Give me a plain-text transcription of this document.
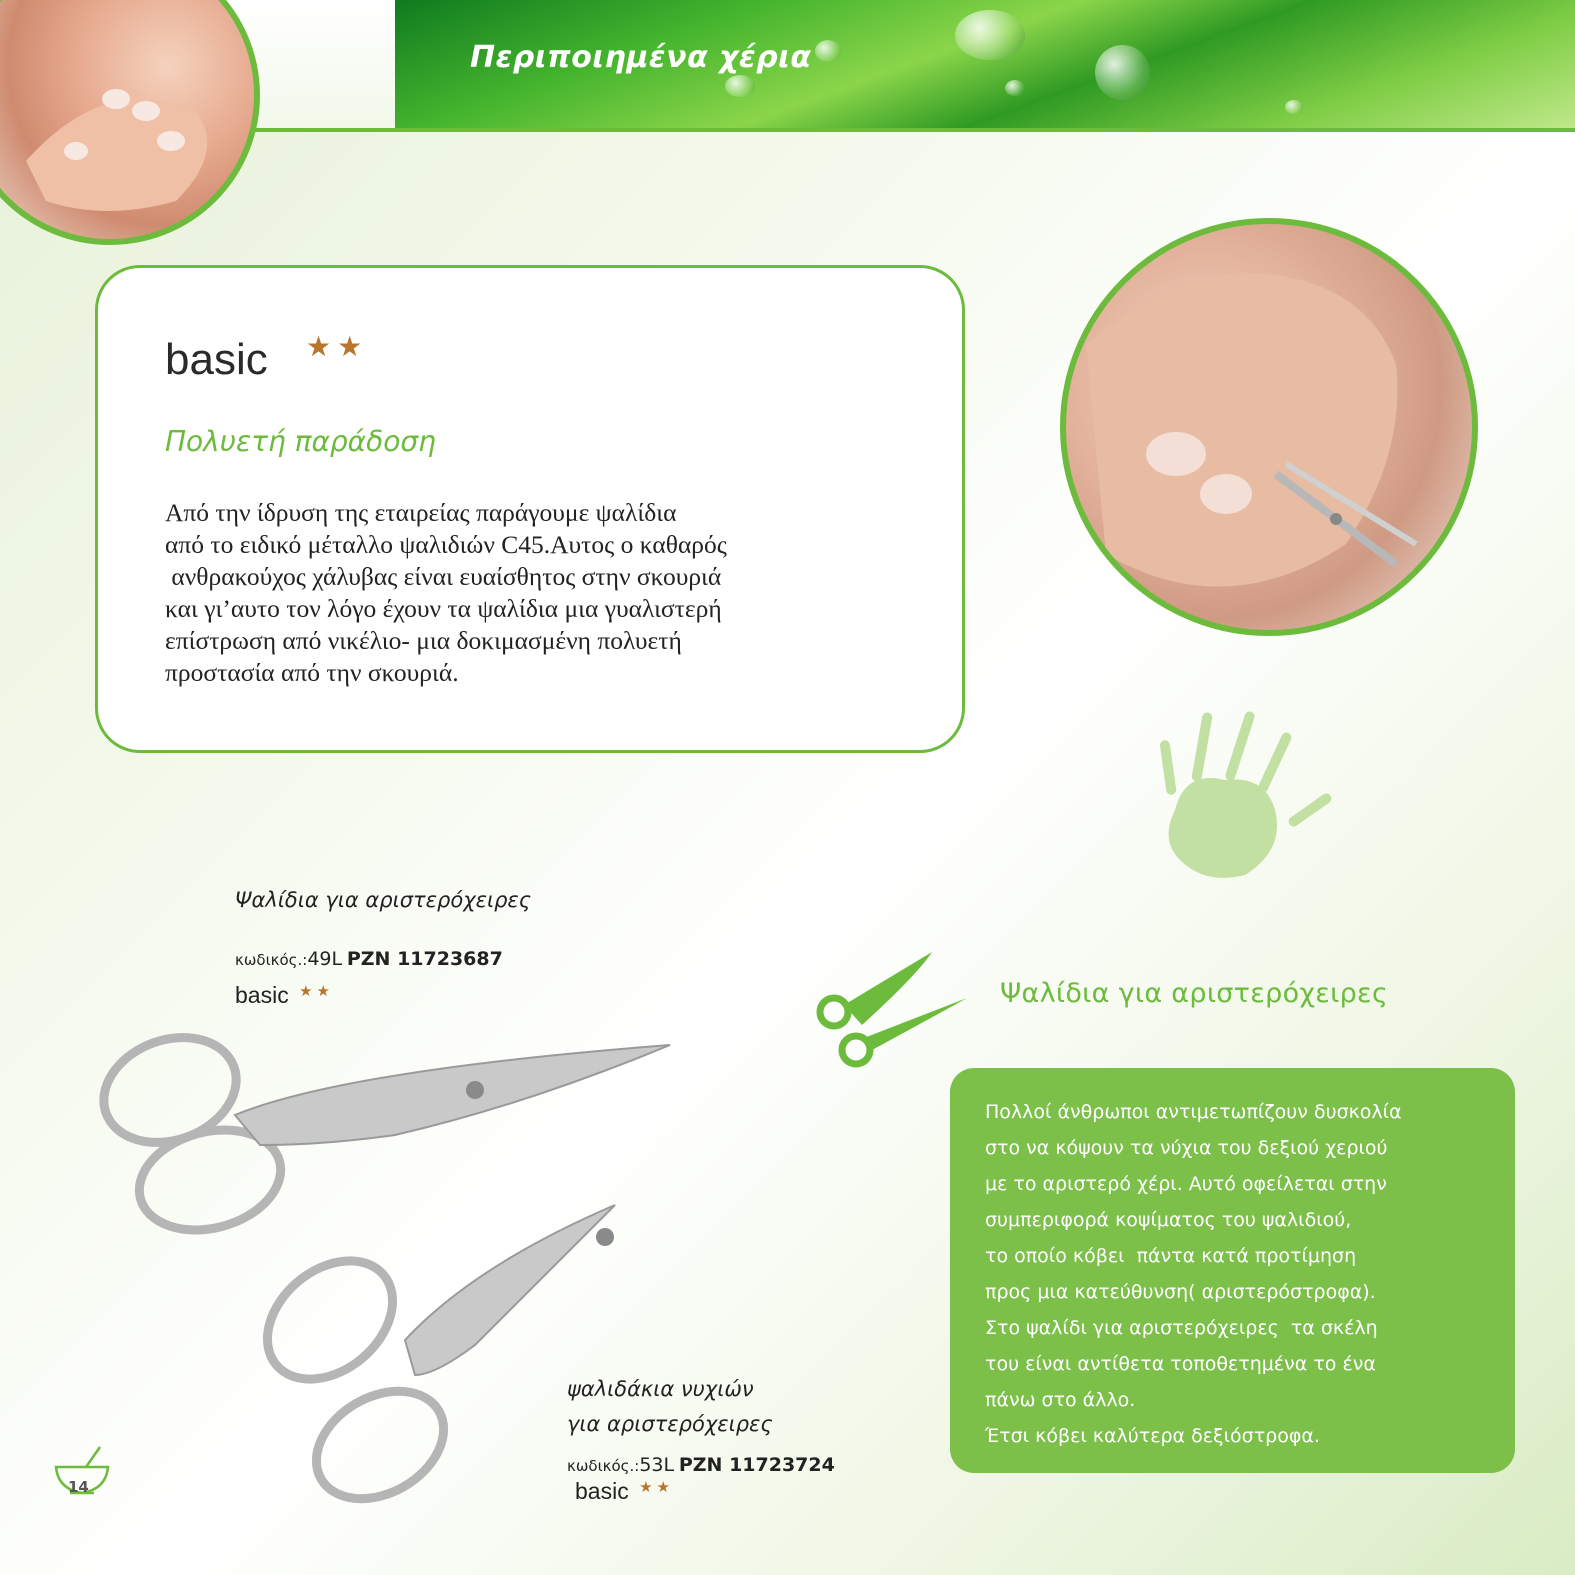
Περιποιημένα χέρια
basic ★ ★
Πολυετή παράδοση
Από την ίδρυση της εταιρείας παράγουμε ψαλίδια
από το ειδικό μέταλλο ψαλιδιών C45.Αυτος ο καθαρός
ανθρακούχος χάλυβας είναι ευαίσθητος στην σκουριά
και γι’αυτο τον λόγο έχουν τα ψαλίδια μια γυαλιστερή
επίστρωση από νικέλιο- μια δοκιμασμένη πολυετή
προστασία από την σκουριά.
Ψαλίδια για αριστερόχειρες
κωδικός.:49L PZN 11723687
basic ★ ★
ψαλιδάκια νυχιών
για αριστερόχειρες
κωδικός.:53L PZN 11723724
basic ★ ★
Ψαλίδια για αριστερόχειρες
Πολλοί άνθρωποι αντιμετωπίζουν δυσκολία
στο να κόψουν τα νύχια του δεξιού χεριού
με το αριστερό χέρι. Αυτό οφείλεται στην
συμπεριφορά κοψίματος του ψαλιδιού,
το οποίο κόβει  πάντα κατά προτίμηση
προς μια κατεύθυνση( αριστερόστροφα).
Στο ψαλίδι για αριστερόχειρες  τα σκέλη
του είναι αντίθετα τοποθετημένα το ένα
πάνω στο άλλο.
Έτσι κόβει καλύτερα δεξιόστροφα.
14
